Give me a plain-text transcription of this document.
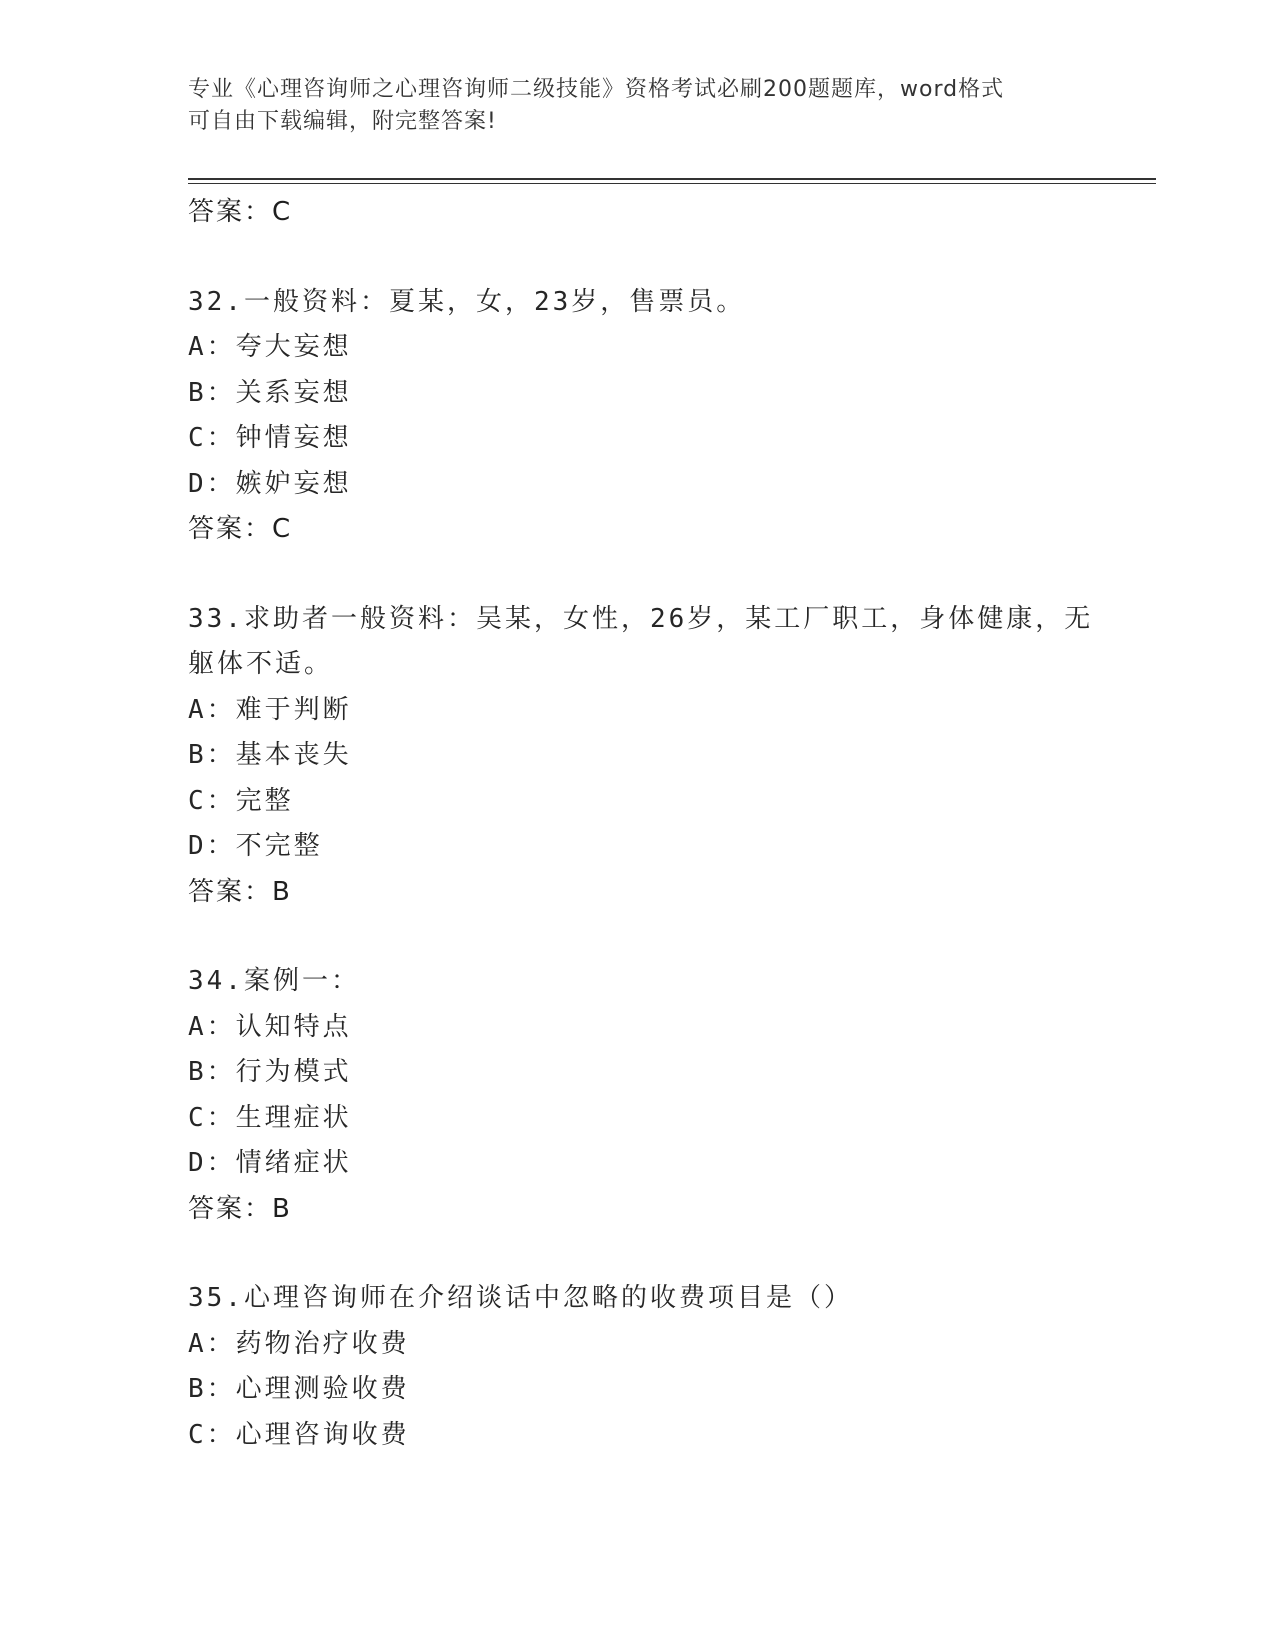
专业《心理咨询师之心理咨询师二级技能》资格考试必刷200题题库，word格式
可自由下载编辑，附完整答案!
答案：C
32.一般资料：夏某，女，23岁，售票员。
A：夸大妄想
B：关系妄想
C：钟情妄想
D：嫉妒妄想
答案：C
33.求助者一般资料：吴某，女性，26岁，某工厂职工，身体健康，无
躯体不适。
A：难于判断
B：基本丧失
C：完整
D：不完整
答案：B
34.案例一：
A：认知特点
B：行为模式
C：生理症状
D：情绪症状
答案：B
35.心理咨询师在介绍谈话中忽略的收费项目是（）
A：药物治疗收费
B：心理测验收费
C：心理咨询收费
